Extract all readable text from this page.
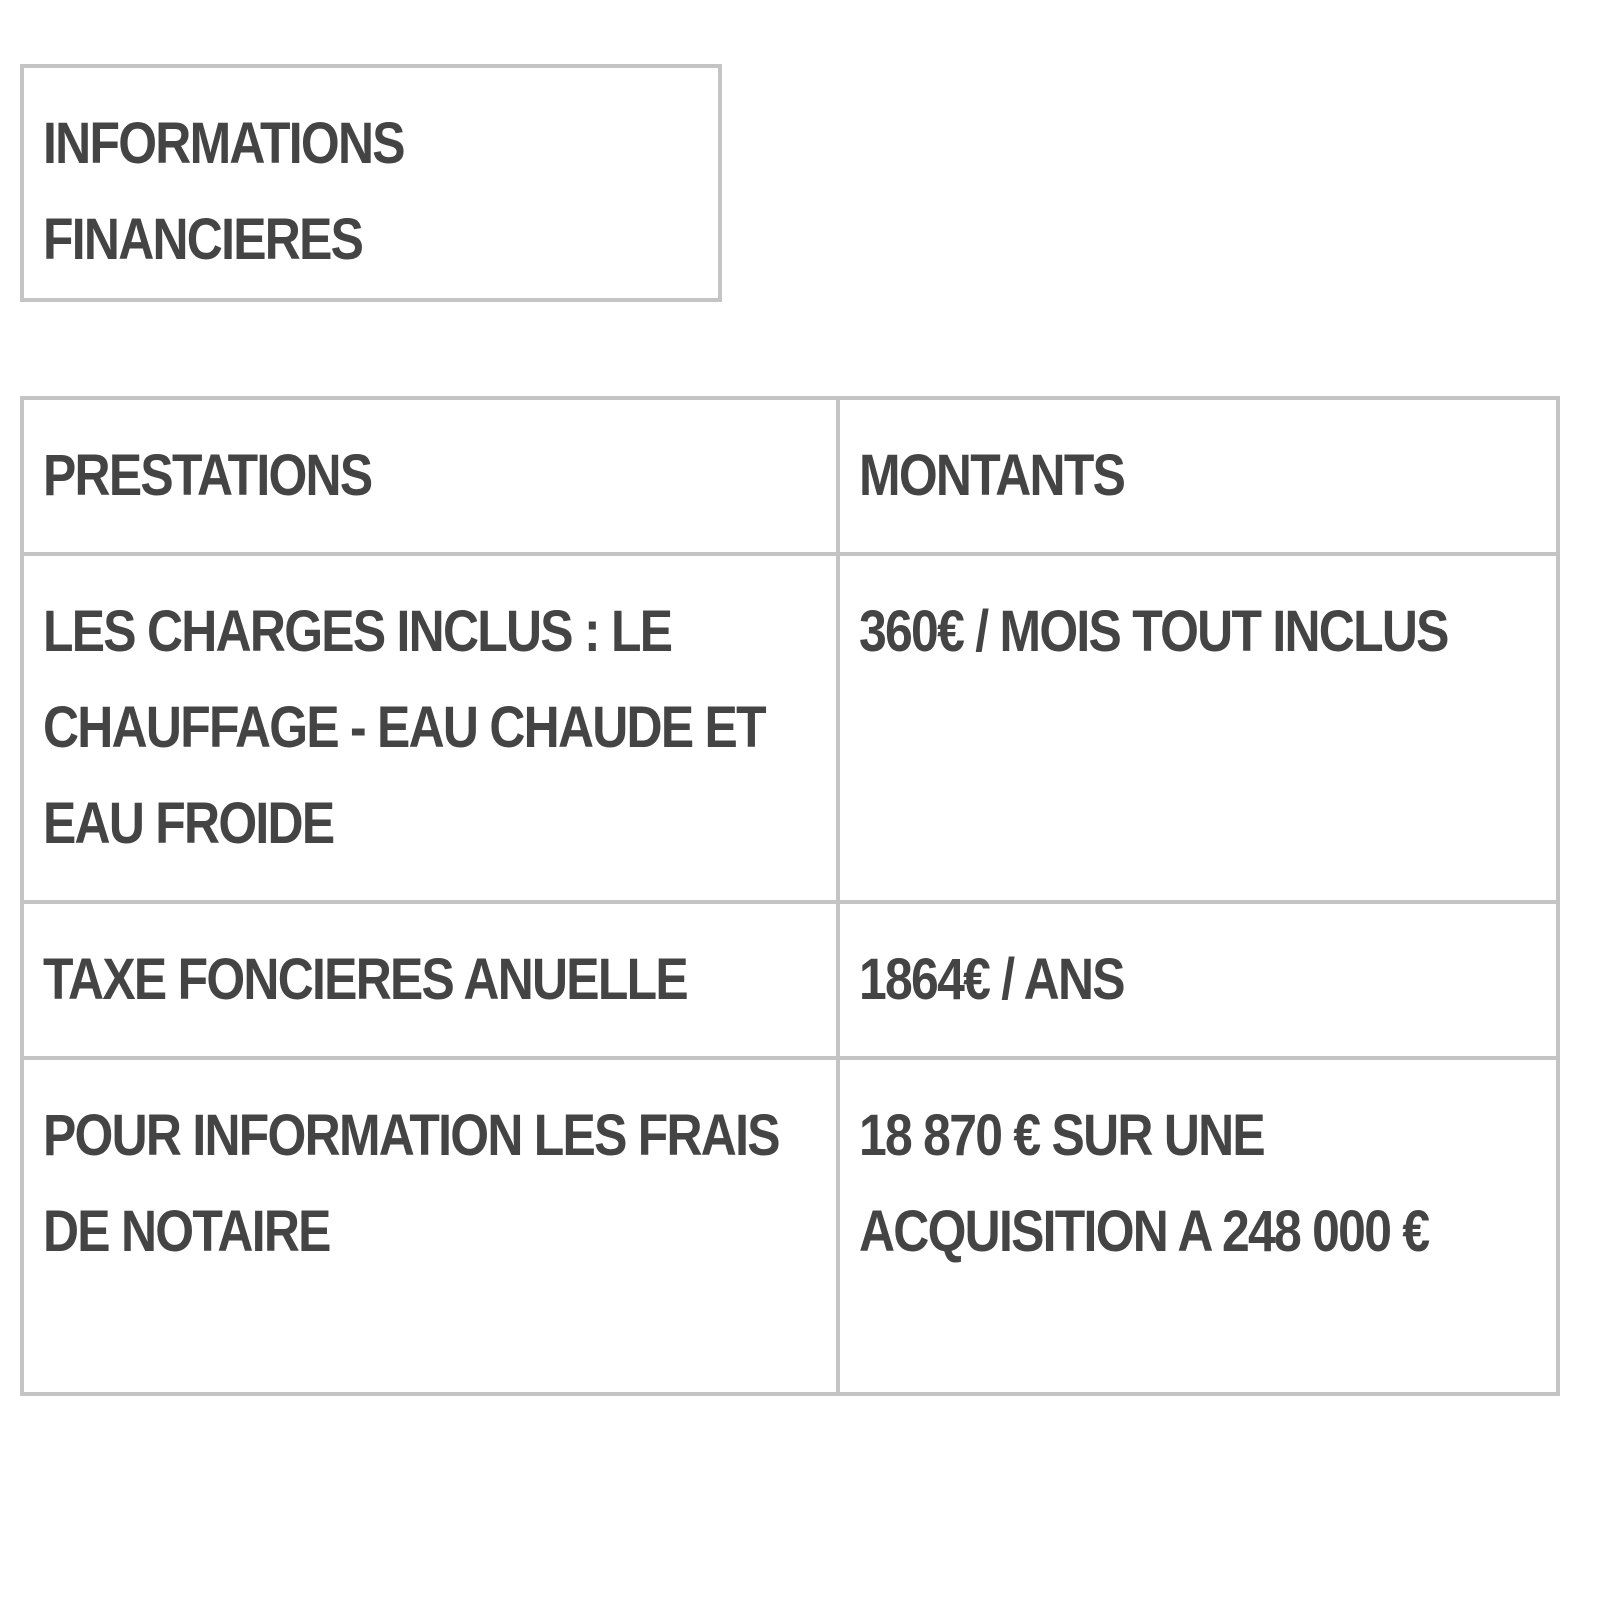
INFORMATIONS
FINANCIERES
PRESTATIONS	MONTANTS

LES CHARGES INCLUS : LE CHAUFFAGE - EAU CHAUDE ET EAU FROIDE	360€ / MOIS TOUT INCLUS

TAXE FONCIERES ANUELLE	1864€ / ANS

POUR INFORMATION LES FRAIS DE NOTAIRE	18 870 € SUR UNE ACQUISITION A 248 000 €
